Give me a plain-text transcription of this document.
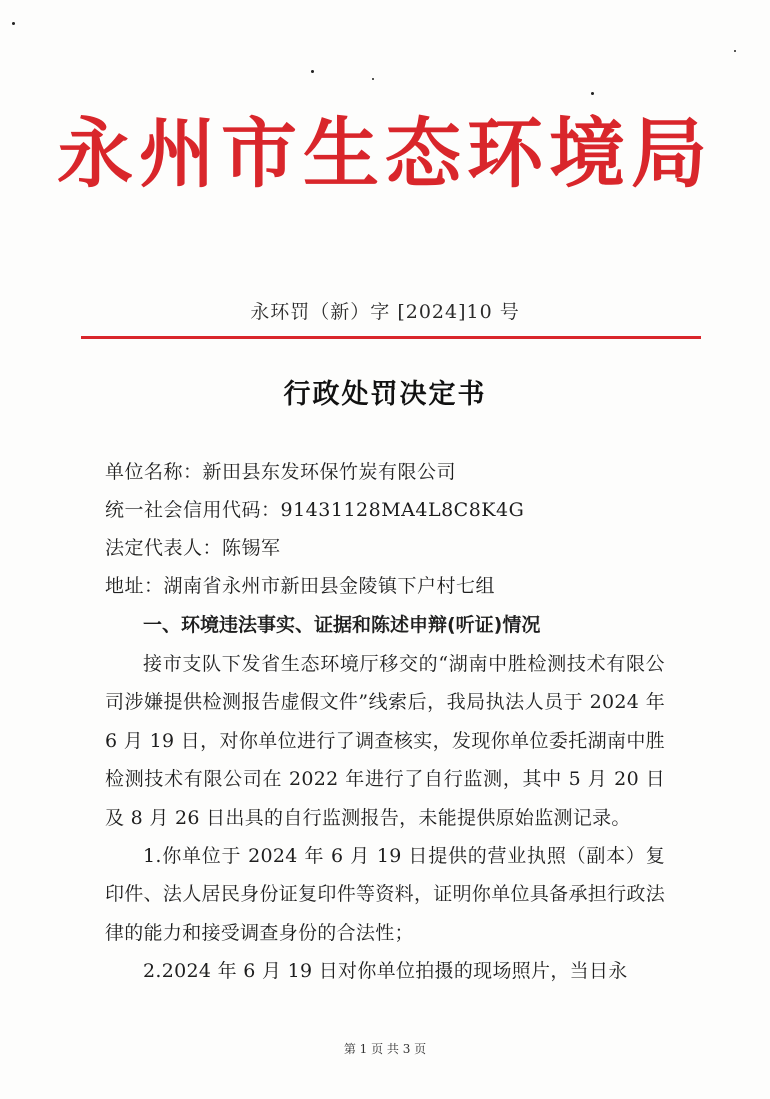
永州市生态环境局
永环罚（新）字 [2024]10 号
行政处罚决定书
单位名称：新田县东发环保竹炭有限公司
统一社会信用代码：91431128MA4L8C8K4G
法定代表人：陈锡军
地址：湖南省永州市新田县金陵镇下户村七组
一、环境违法事实、证据和陈述申辩(听证)情况

接市支队下发省生态环境厅移交的“湖南中胜检测技术有限公司涉嫌提供检测报告虚假文件”线索后，我局执法人员于 2024 年 6 月 19 日，对你单位进行了调查核实，发现你单位委托湖南中胜检测技术有限公司在 2022 年进行了自行监测，其中 5 月 20 日及 8 月 26 日出具的自行监测报告，未能提供原始监测记录。

1.你单位于 2024 年 6 月 19 日提供的营业执照（副本）复印件、法人居民身份证复印件等资料，证明你单位具备承担行政法律的能力和接受调查身份的合法性；

2.2024 年 6 月 19 日对你单位拍摄的现场照片，当日永

第 1 页 共 3 页
